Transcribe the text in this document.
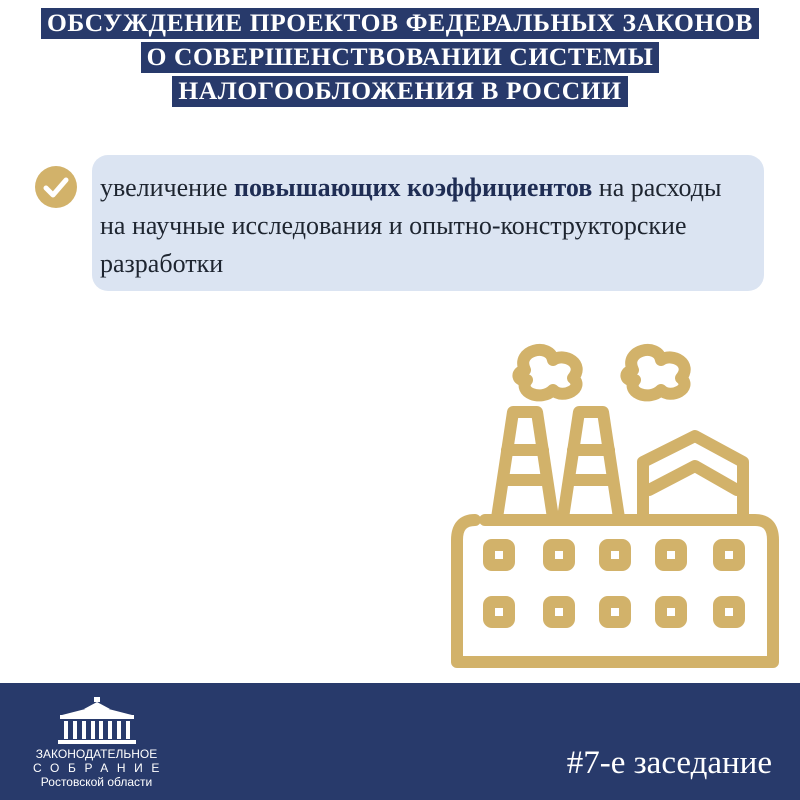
ОБСУЖДЕНИЕ ПРОЕКТОВ ФЕДЕРАЛЬНЫХ ЗАКОНОВ
О СОВЕРШЕНСТВОВАНИИ СИСТЕМЫ
НАЛОГООБЛОЖЕНИЯ В РОССИИ
увеличение повышающих коэффициентов на расходы на научные исследования и опытно-конструкторские разработки
ЗАКОНОДАТЕЛЬНОЕ
СОБРАНИЕ
Ростовской области
#7-е заседание
